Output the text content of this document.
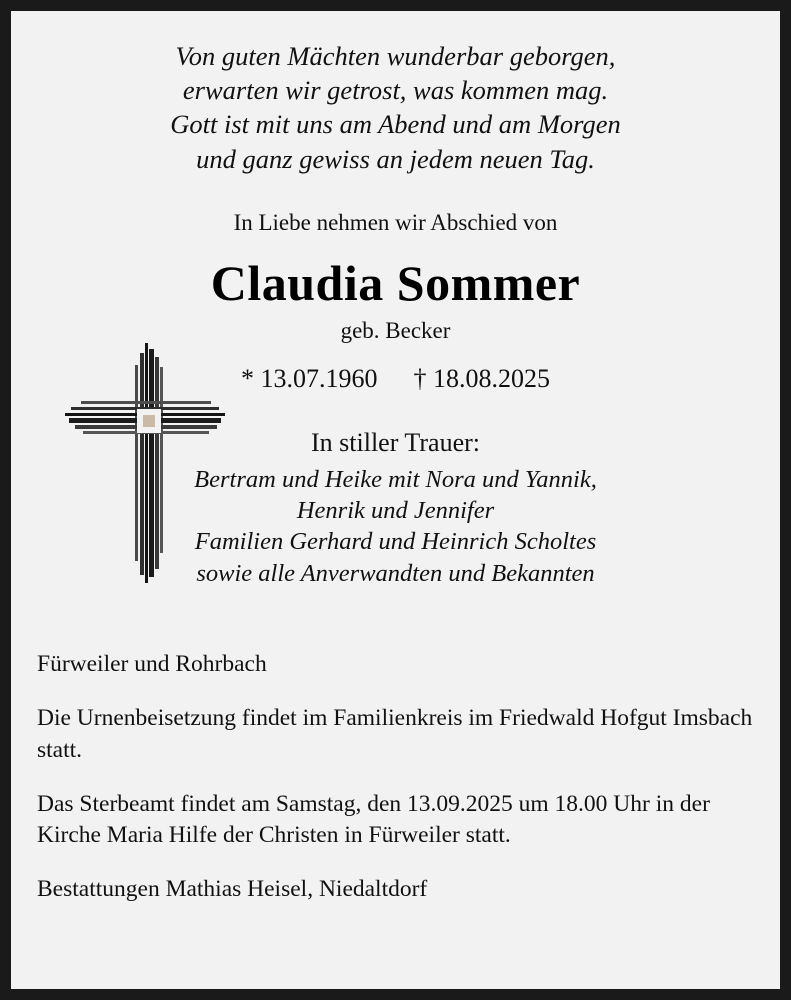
Von guten Mächten wunderbar geborgen,
erwarten wir getrost, was kommen mag.
Gott ist mit uns am Abend und am Morgen
und ganz gewiss an jedem neuen Tag.
In Liebe nehmen wir Abschied von
Claudia Sommer
geb. Becker
* 13.07.1960 † 18.08.2025
In stiller Trauer:
Bertram und Heike mit Nora und Yannik,
Henrik und Jennifer
Familien Gerhard und Heinrich Scholtes
sowie alle Anverwandten und Bekannten

Fürweiler und Rohrbach

Die Urnenbeisetzung findet im Familienkreis im Friedwald Hofgut Imsbach statt.

Das Sterbeamt findet am Samstag, den 13.09.2025 um 18.00 Uhr in der Kirche Maria Hilfe der Christen in Fürweiler statt.

Bestattungen Mathias Heisel, Niedaltdorf
